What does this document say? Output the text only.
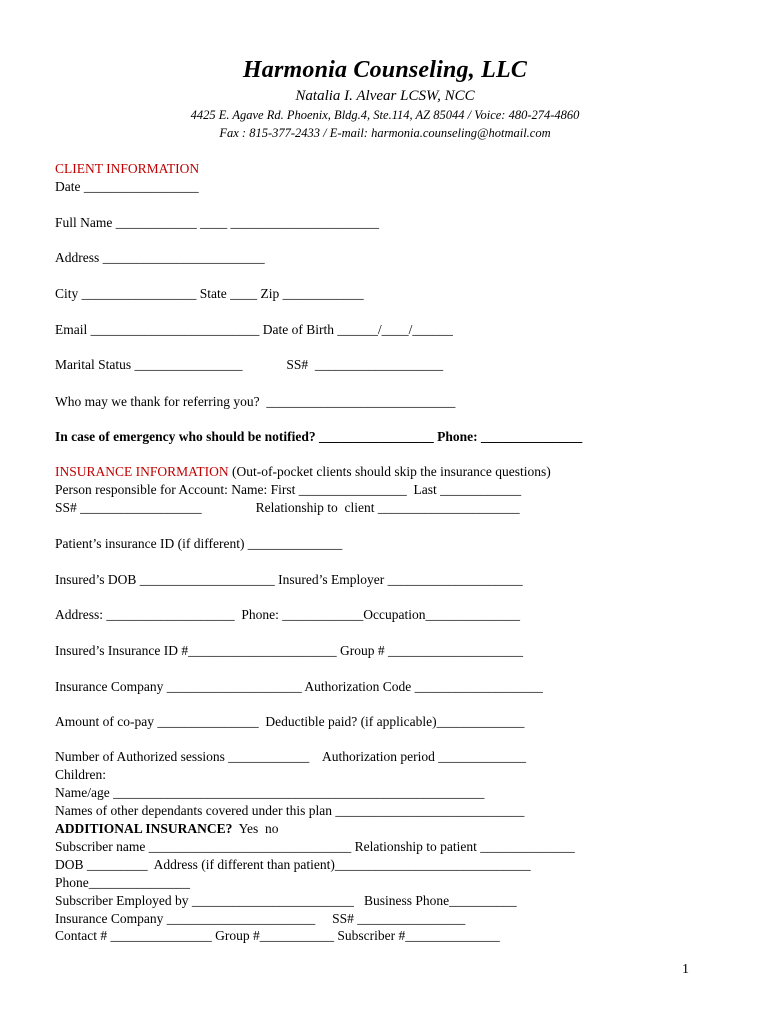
Harmonia Counseling, LLC
Natalia I. Alvear LCSW, NCC
4425 E. Agave Rd. Phoenix, Bldg.4, Ste.114, AZ 85044 / Voice: 480-274-4860
Fax : 815-377-2433 / E-mail: harmonia.counseling@hotmail.com
CLIENT INFORMATION
Date _________________
Full Name ____________ ____ ______________________
Address ________________________
City _________________ State ____ Zip ____________
Email _________________________ Date of Birth ______/____/______
Marital Status ________________             SS#  ___________________
Who may we thank for referring you?  ____________________________
In case of emergency who should be notified? _________________ Phone: _______________
INSURANCE INFORMATION (Out-of-pocket clients should skip the insurance questions)
Person responsible for Account: Name: First ________________  Last ____________
SS# __________________                Relationship to  client _____________________
Patient’s insurance ID (if different) ______________
Insured’s DOB ____________________ Insured’s Employer ____________________
Address: ___________________  Phone: ____________Occupation______________
Insured’s Insurance ID #______________________ Group # ____________________
Insurance Company ____________________ Authorization Code ___________________
Amount of co-pay _______________  Deductible paid? (if applicable)_____________
Number of Authorized sessions ____________    Authorization period _____________
Children:
Name/age _______________________________________________________
Names of other dependants covered under this plan ____________________________
ADDITIONAL INSURANCE?  Yes  no
Subscriber name ______________________________ Relationship to patient ______________
DOB _________  Address (if different than patient)_____________________________
Phone_______________
Subscriber Employed by ________________________   Business Phone__________
Insurance Company ______________________     SS# ________________
Contact # _______________ Group #___________ Subscriber #______________
1
